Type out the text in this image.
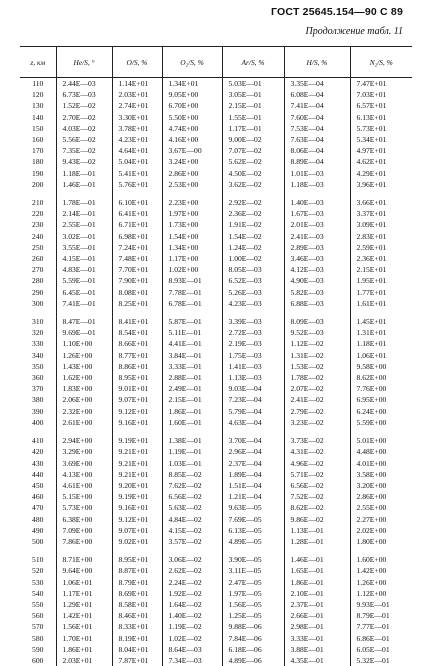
ГОСТ 25645.154—90 С 89
Продолжение табл. 11
z, км	He/S, °	O/S, %	O₂/S, %	Ar/S, %	H/S, %	N₂/S, %
110	2.44E—03	1.14E+01	1.34E+01	5.03E—01	3.35E—04	7.47E+01
120	6.73E—03	2.03E+01	9.05E+00	3.05E—01	6.08E—04	7.03E+01
130	1.52E—02	2.74E+01	6.70E+00	2.15E—01	7.41E—04	6.57E+01
140	2.70E—02	3.30E+01	5.50E+00	1.55E—01	7.60E—04	6.13E+01
150	4.03E—02	3.78E+01	4.74E+00	1.17E—01	7.53E—04	5.73E+01
160	5.56E—02	4.23E+01	4.16E+00	9.00E—02	7.63E—04	5.34E+01
170	7.35E—02	4.64E+01	3.67E—00	7.07E—02	8.06E—04	4.97E+01
180	9.43E—02	5.04E+01	3.24E+00	5.62E—02	8.89E—04	4.62E+01
190	1.18E—01	5.41E+01	2.86E+00	4.50E—02	1.01E—03	4.29E+01
200	1.46E—01	5.76E+01	2.53E+00	3.62E—02	1.18E—03	3.96E+01

210	1.78E—01	6.10E+01	2.23E+00	2.92E—02	1.40E—03	3.66E+01
220	2.14E—01	6.41E+01	1.97E+00	2.36E—02	1.67E—03	3.37E+01
230	2.55E—01	6.71E+01	1.73E+00	1.91E—02	2.01E—03	3.09E+01
240	3.02E—01	6.98E+01	1.54E+00	1.54E—02	2.41E—03	2.83E+01
250	3.55E—01	7.24E+01	1.34E+00	1.24E—02	2.89E—03	2.59E+01
260	4.15E—01	7.48E+01	1.17E+00	1.00E—02	3.46E—03	2.36E+01
270	4.83E—01	7.70E+01	1.02E+00	8.05E—03	4.12E—03	2.15E+01
280	5.59E—01	7.90E+01	8.93E—01	6.52E—03	4.90E—03	1.95E+01
290	6.45E—01	8.08E+01	7.78E—01	5.26E—03	5.82E—03	1.77E+01
300	7.41E—01	8.25E+01	6.78E—01	4.23E—03	6.88E—03	1.61E+01

310	8.47E—01	8.41E+01	5.87E—01	3.39E—03	8.09E—03	1.45E+01
320	9.69E—01	8.54E+01	5.11E—01	2.72E—03	9.52E—03	1.31E+01
330	1.10E+00	8.66E+01	4.41E—01	2.19E—03	1.12E—02	1.18E+01
340	1.26E+00	8.77E+01	3.84E—01	1.75E—03	1.31E—02	1.06E+01
350	1.43E+00	8.86E+01	3.33E—01	1.41E—03	1.53E—02	9.58E+00
360	1.62E+00	8.95E+01	2.88E—01	1.13E—03	1.78E—02	8.62E+00
370	1.83E+00	9.01E+01	2.49E—01	9.03E—04	2.07E—02	7.76E+00
380	2.06E+00	9.07E+01	2.15E—01	7.23E—04	2.41E—02	6.95E+00
390	2.32E+00	9.12E+01	1.86E—01	5.79E—04	2.79E—02	6.24E+00
400	2.61E+00	9.16E+01	1.60E—01	4.63E—04	3.23E—02	5.59E+00

410	2.94E+00	9.19E+01	1.38E—01	3.70E—04	3.73E—02	5.01E+00
420	3.29E+00	9.21E+01	1.19E—01	2.96E—04	4.31E—02	4.48E+00
430	3.69E+00	9.21E+01	1.03E—01	2.37E—04	4.96E—02	4.01E+00
440	4.13E+00	9.21E+01	8.85E—02	1.89E—04	5.71E—02	3.58E+00
450	4.61E+00	9.20E+01	7.62E—02	1.51E—04	6.56E—02	3.20E+00
460	5.15E+00	9.19E+01	6.56E—02	1.21E—04	7.52E—02	2.86E+00
470	5.73E+00	9.16E+01	5.63E—02	9.63E—05	8.62E—02	2.55E+00
480	6.38E+00	9.12E+01	4.84E—02	7.69E—05	9.86E—02	2.27E+00
490	7.09E+00	9.07E+01	4.15E—02	6.13E—05	1.13E—01	2.02E+00
500	7.86E+00	9.02E+01	3.57E—02	4.89E—05	1.28E—01	1.80E+00

510	8.71E+00	8.95E+01	3.06E—02	3.90E—05	1.46E—01	1.60E+00
520	9.64E+00	8.87E+01	2.62E—02	3.11E—05	1.65E—01	1.42E+00
530	1.06E+01	8.79E+01	2.24E—02	2.47E—05	1.86E—01	1.26E+00
540	1.17E+01	8.69E+01	1.92E—02	1.97E—05	2.10E—01	1.12E+00
550	1.29E+01	8.58E+01	1.64E—02	1.56E—05	2.37E—01	9.93E—01
560	1.42E+01	8.46E+01	1.40E—02	1.25E—05	2.66E—01	8.79E—01
570	1.56E+01	8.33E+01	1.19E—02	9.88E—06	2.98E—01	7.77E—01
580	1.70E+01	8.19E+01	1.02E—02	7.84E—06	3.33E—01	6.86E—01
590	1.86E+01	8.04E+01	8.64E—03	6.18E—06	3.88E—01	6.05E—01
600	2.03E+01	7.87E+01	7.34E—03	4.89E—06	4.35E—01	5.32E—01
